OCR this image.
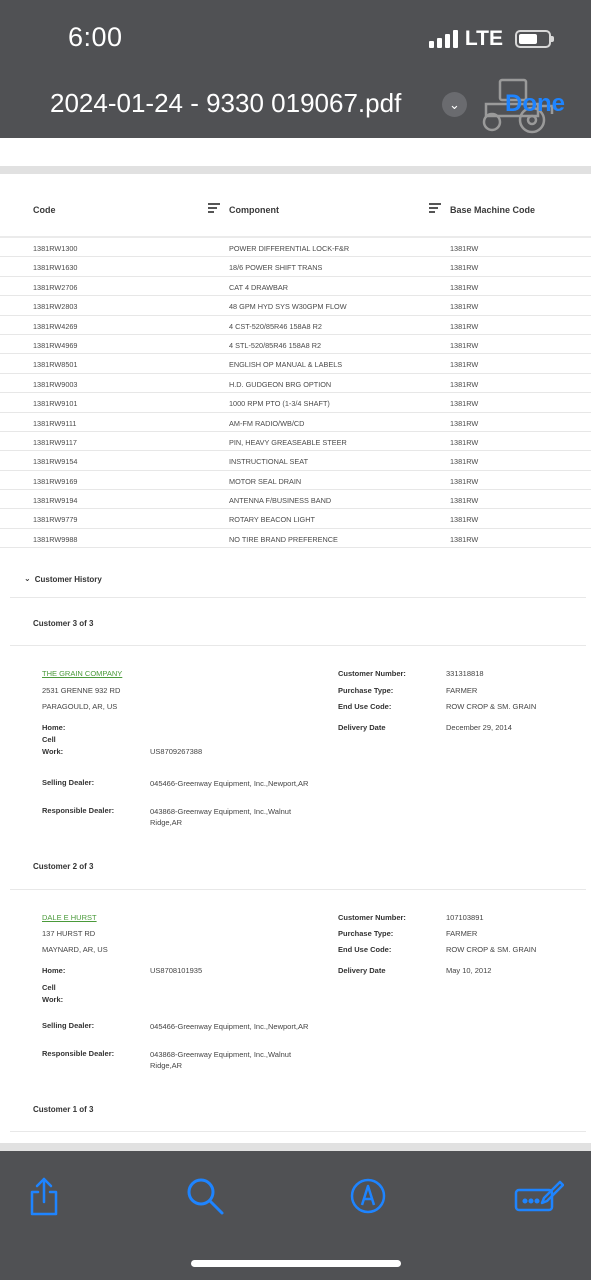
6:00	LTE
2024-01-24 - 9330 019067.pdf	⌄ Done
Code	Component	Base Machine Code
1381RW1300	POWER DIFFERENTIAL LOCK-F&R	1381RW
1381RW1630	18/6 POWER SHIFT TRANS	1381RW
1381RW2706	CAT 4 DRAWBAR	1381RW
1381RW2803	48 GPM HYD SYS W30GPM FLOW	1381RW
1381RW4269	4 CST-520/85R46 158A8 R2	1381RW
1381RW4969	4 STL-520/85R46 158A8 R2	1381RW
1381RW8501	ENGLISH OP MANUAL & LABELS	1381RW
1381RW9003	H.D. GUDGEON BRG OPTION	1381RW
1381RW9101	1000 RPM PTO (1-3/4 SHAFT)	1381RW
1381RW9111	AM-FM RADIO/WB/CD	1381RW
1381RW9117	PIN, HEAVY GREASEABLE STEER	1381RW
1381RW9154	INSTRUCTIONAL SEAT	1381RW
1381RW9169	MOTOR SEAL DRAIN	1381RW
1381RW9194	ANTENNA F/BUSINESS BAND	1381RW
1381RW9779	ROTARY BEACON LIGHT	1381RW
1381RW9988	NO TIRE BRAND PREFERENCE	1381RW
⌄ Customer History
Customer 3 of 3
THE GRAIN COMPANY
2531 GRENNE 932 RD
PARAGOULD, AR, US
Home:
Cell
Work:	US8709267388
Selling Dealer:	045466-Greenway Equipment, Inc.,Newport,AR
Responsible Dealer:	043868-Greenway Equipment, Inc.,Walnut Ridge,AR
Customer Number:	331318818
Purchase Type:	FARMER
End Use Code:	ROW CROP & SM. GRAIN
Delivery Date	December 29, 2014
Customer 2 of 3
DALE E HURST
137 HURST RD
MAYNARD, AR, US
Home:	US8708101935
Cell
Work:
Selling Dealer:	045466-Greenway Equipment, Inc.,Newport,AR
Responsible Dealer:	043868-Greenway Equipment, Inc.,Walnut Ridge,AR
Customer Number:	107103891
Purchase Type:	FARMER
End Use Code:	ROW CROP & SM. GRAIN
Delivery Date	May 10, 2012
Customer 1 of 3
